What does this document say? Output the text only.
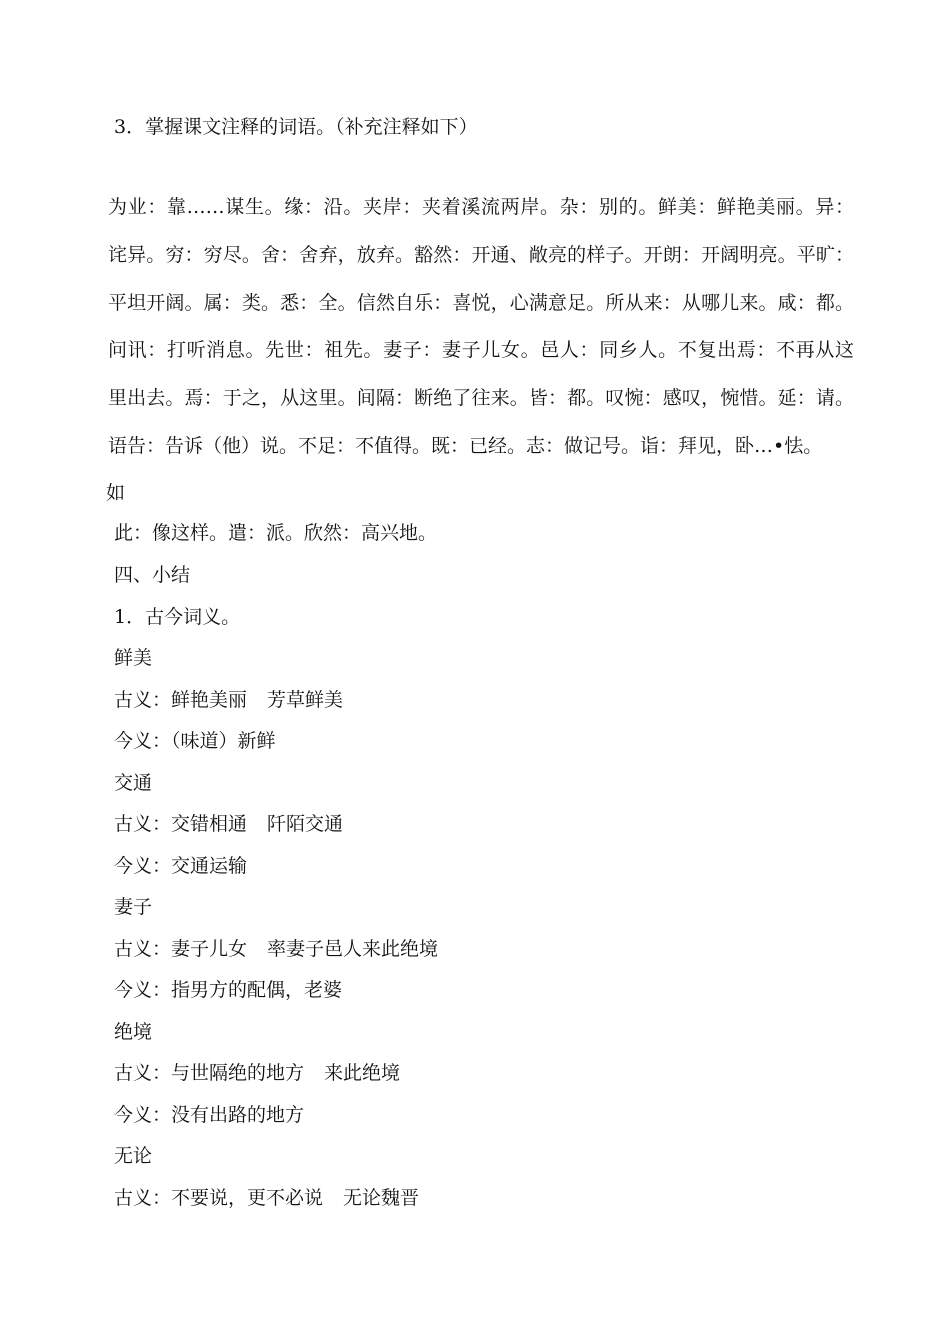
3．掌握课文注释的词语。（补充注释如下）

为业：靠……谋生。缘：沿。夹岸：夹着溪流两岸。杂：别的。鲜美：鲜艳美丽。异：

诧异。穷：穷尽。舍：舍弃，放弃。豁然：开通、敞亮的样子。开朗：开阔明亮。平旷：

平坦开阔。属：类。悉：全。信然自乐：喜悦，心满意足。所从来：从哪儿来。咸：都。

问讯：打听消息。先世：祖先。妻子：妻子儿女。邑人：同乡人。不复出焉：不再从这

里出去。焉：于之，从这里。间隔：断绝了往来。皆：都。叹惋：感叹，惋惜。延：请。

语告：告诉（他）说。不足：不值得。既：已经。志：做记号。诣：拜见，卧…•怯。

如

此：像这样。遣：派。欣然：高兴地。

四、小结

1．古今词义。

鲜美

古义：鲜艳美丽 芳草鲜美

今义：（味道）新鲜

交通

古义：交错相通 阡陌交通

今义：交通运输

妻子

古义：妻子儿女 率妻子邑人来此绝境

今义：指男方的配偶，老婆

绝境

古义：与世隔绝的地方 来此绝境

今义：没有出路的地方

无论

古义：不要说，更不必说 无论魏晋
